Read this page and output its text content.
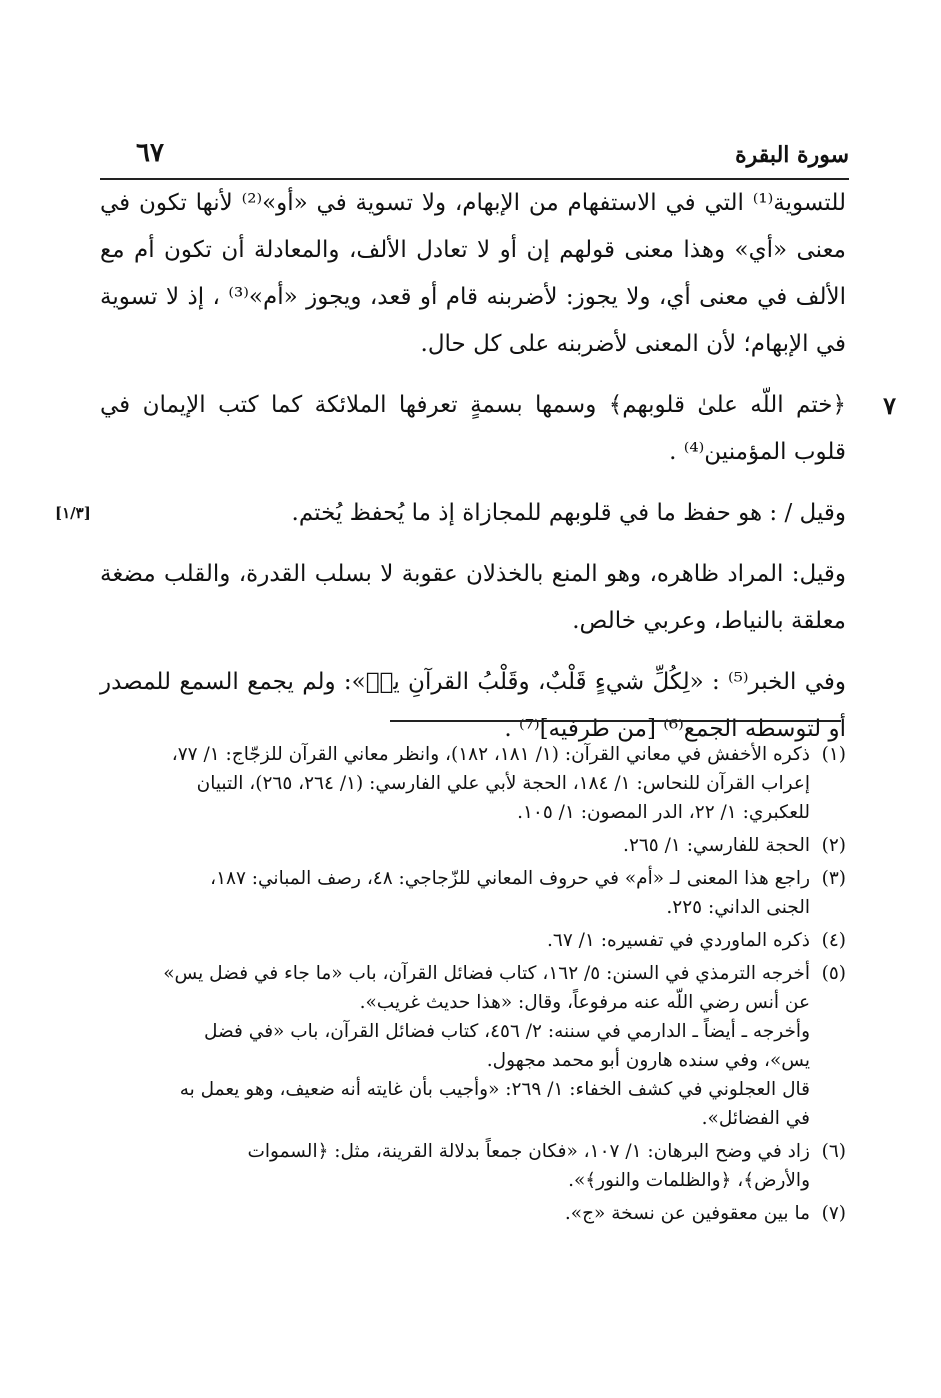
سورة البقرة
٦٧

للتسوية⁽¹⁾ التي في الاستفهام من الإبهام، ولا تسوية في «أو»⁽²⁾ لأنها تكون في معنى «أي» وهذا معنى قولهم إن أو لا تعادل الألف، والمعادلة أن تكون أم مع الألف في معنى أي، ولا يجوز: لأضربنه قام أو قعد، ويجوز «أم»⁽³⁾ ، إذ لا تسوية في الإبهام؛ لأن المعنى لأضربنه على كل حال.

٧
﴿ختم اللّه علىٰ قلوبهم﴾ وسمها بسمةٍ تعرفها الملائكة كما كتب الإيمان في قلوب المؤمنين⁽⁴⁾ .
[١/٣]	وقيل / : هو حفظ ما في قلوبهم للمجازاة إذ ما يُحفظ يُختم.

وقيل: المراد ظاهره، وهو المنع بالخذلان عقوبة لا بسلب القدرة، والقلب مضغة معلقة بالنياط، وعربي خالص.

وفي الخبر⁽⁵⁾ : «لِكُلِّ شيءٍ قَلْبٌ، وقَلْبُ القرآنِ يسۤ»: ولم يجمع السمع للمصدر أو لتوسطه الجمع⁽⁶⁾ [من طرفيه]⁽⁷⁾ .

(١)
ذكره الأخفش في معاني القرآن: (١/ ١٨١، ١٨٢)، وانظر معاني القرآن للزجّاج: ١/ ٧٧،
إعراب القرآن للنحاس: ١/ ١٨٤، الحجة لأبي علي الفارسي: (١/ ٢٦٤، ٢٦٥)، التبيان
للعكبري: ١/ ٢٢، الدر المصون: ١/ ١٠٥.
(٢)
الحجة للفارسي: ١/ ٢٦٥.
(٣)
راجع هذا المعنى لـ «أم» في حروف المعاني للزّجاجي: ٤٨، رصف المباني: ١٨٧،
الجنى الداني: ٢٢٥.
(٤)
ذكره الماوردي في تفسيره: ١/ ٦٧.
(٥)
أخرجه الترمذي في السنن: ٥/ ١٦٢، كتاب فضائل القرآن، باب «ما جاء في فضل يس»
عن أنس رضي اللّه عنه مرفوعاً، وقال: «هذا حديث غريب».
وأخرجه ـ أيضاً ـ الدارمي في سننه: ٢/ ٤٥٦، كتاب فضائل القرآن، باب «في فضل
يس»، وفي سنده هارون أبو محمد مجهول.
قال العجلوني في كشف الخفاء: ١/ ٢٦٩: «وأجيب بأن غايته أنه ضعيف، وهو يعمل به
في الفضائل».
(٦)
زاد في وضح البرهان: ١/ ١٠٧، «فكان جمعاً بدلالة القرينة، مثل: ﴿السموات
والأرض﴾، ﴿والظلمات والنور﴾».
(٧)
ما بين معقوفين عن نسخة «ج».
